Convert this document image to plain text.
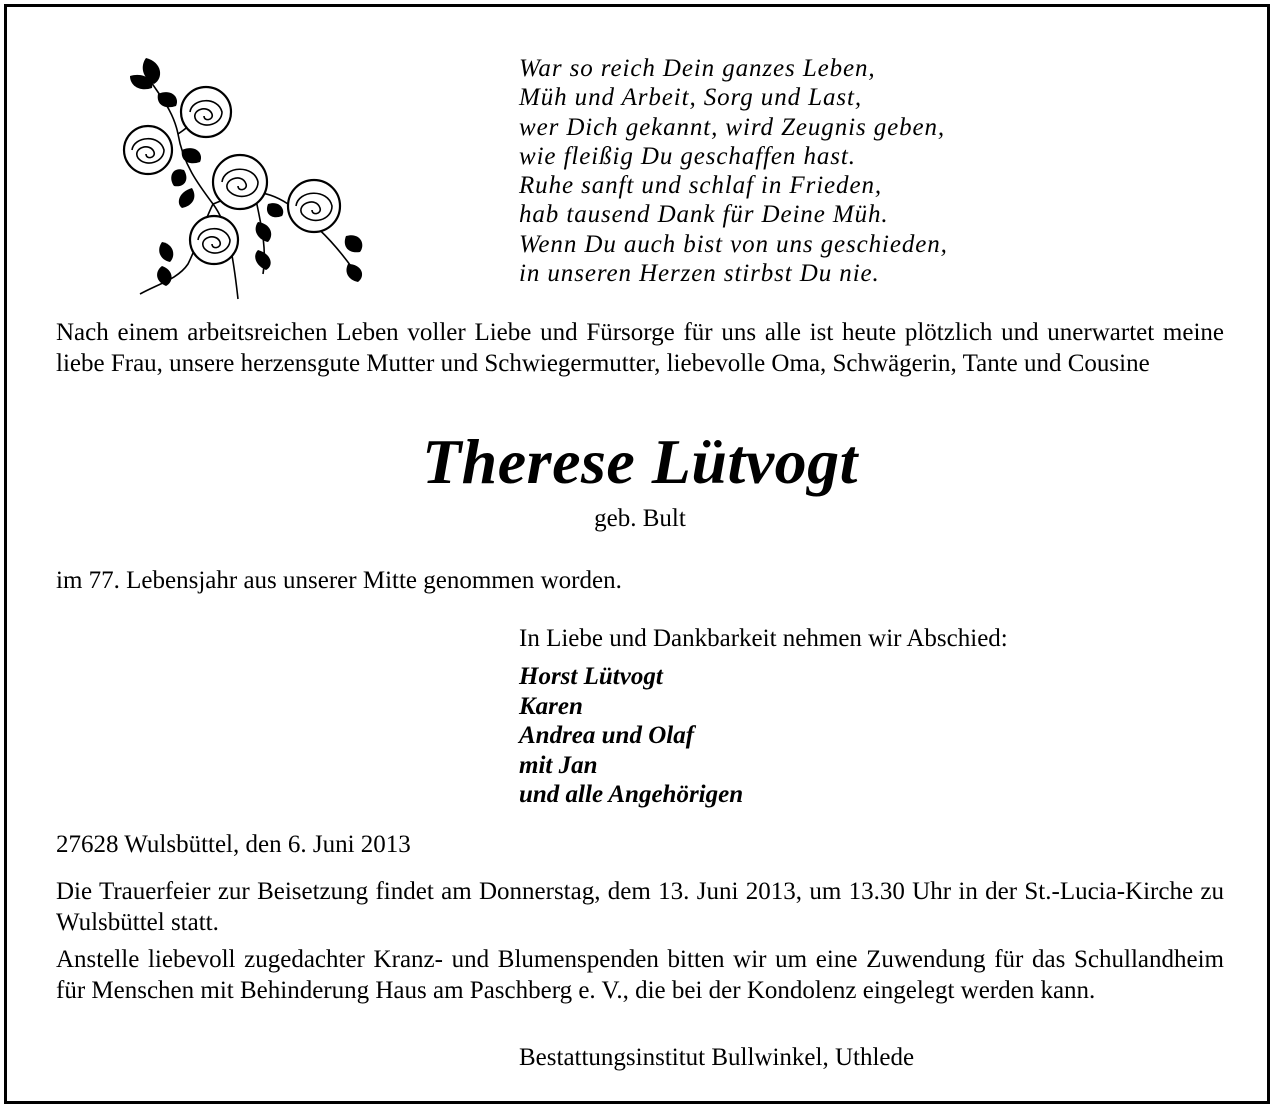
War so reich Dein ganzes Leben,
Müh und Arbeit, Sorg und Last,
wer Dich gekannt, wird Zeugnis geben,
wie fleißig Du geschaffen hast.
Ruhe sanft und schlaf in Frieden,
hab tausend Dank für Deine Müh.
Wenn Du auch bist von uns geschieden,
in unseren Herzen stirbst Du nie.
Nach einem arbeitsreichen Leben voller Liebe und Fürsorge für uns alle ist heute plötzlich und unerwartet meine liebe Frau, unsere herzensgute Mutter und Schwiegermutter, liebevolle Oma, Schwägerin, Tante und Cousine
Therese Lütvogt
geb. Bult
im 77. Lebensjahr aus unserer Mitte genommen worden.
In Liebe und Dankbarkeit nehmen wir Abschied:
Horst Lütvogt
Karen
Andrea und Olaf
mit Jan
und alle Angehörigen
27628 Wulsbüttel, den 6. Juni 2013
Die Trauerfeier zur Beisetzung findet am Donnerstag, dem 13. Juni 2013, um 13.30 Uhr in der St.-Lucia-Kirche zu Wulsbüttel statt.
Anstelle liebevoll zugedachter Kranz- und Blumenspenden bitten wir um eine Zuwendung für das Schullandheim für Menschen mit Behinderung Haus am Paschberg e. V., die bei der Kondolenz eingelegt werden kann.
Bestattungsinstitut Bullwinkel, Uthlede
